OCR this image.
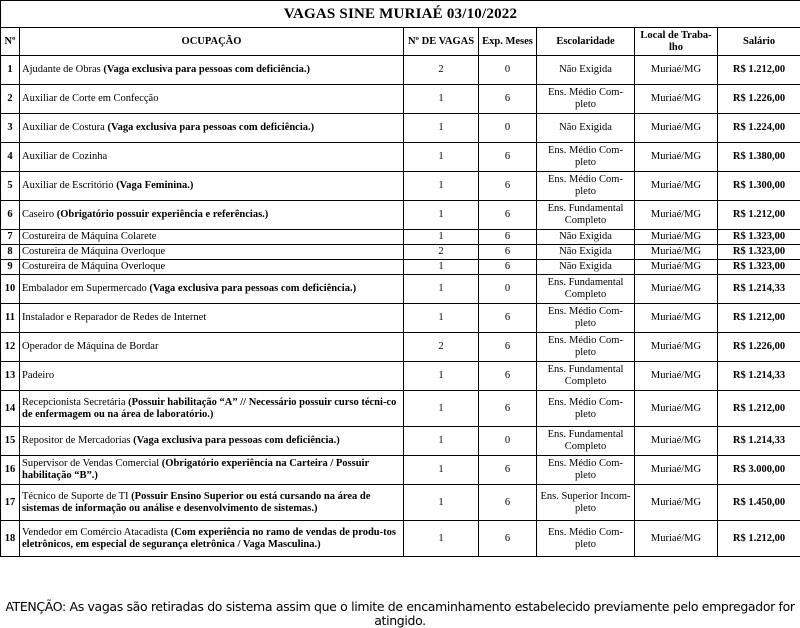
VAGAS SINE MURIAÉ 03/10/2022						
Nº	OCUPAÇÃO	Nº DE VAGAS	Exp. Meses	Escolaridade	Local de Traba-
lho	Salário
1	Ajudante de Obras (Vaga exclusiva para pessoas com deficiência.)	2	0	Não Exigida	Muriaé/MG	R$ 1.212,00
2	Auxiliar de Corte em Confecção	1	6	Ens. Médio Com-
pleto	Muriaé/MG	R$ 1.226,00
3	Auxiliar de Costura (Vaga exclusiva para pessoas com deficiência.)	1	0	Não Exigida	Muriaé/MG	R$ 1.224,00
4	Auxiliar de Cozinha	1	6	Ens. Médio Com-
pleto	Muriaé/MG	R$ 1.380,00
5	Auxiliar de Escritório (Vaga Feminina.)	1	6	Ens. Médio Com-
pleto	Muriaé/MG	R$ 1.300,00
6	Caseiro (Obrigatório possuir experiência e referências.)	1	6	Ens. Fundamental
Completo	Muriaé/MG	R$ 1.212,00
7	Costureira de Máquina Colarete	1	6	Não Exigida	Muriaé/MG	R$ 1.323,00
8	Costureira de Máquina Overloque	2	6	Não Exigida	Muriaé/MG	R$ 1.323,00
9	Costureira de Máquina Overloque	1	6	Não Exigida	Muriaé/MG	R$ 1.323,00
10	Embalador em Supermercado (Vaga exclusiva para pessoas com deficiência.)	1	0	Ens. Fundamental
Completo	Muriaé/MG	R$ 1.214,33
11	Instalador e Reparador de Redes de Internet	1	6	Ens. Médio Com-
pleto	Muriaé/MG	R$ 1.212,00
12	Operador de Máquina de Bordar	2	6	Ens. Médio Com-
pleto	Muriaé/MG	R$ 1.226,00
13	Padeiro	1	6	Ens. Fundamental
Completo	Muriaé/MG	R$ 1.214,33
14	Recepcionista Secretária (Possuir habilitação “A” // Necessário possuir curso técni-co de enfermagem ou na área de laboratório.)	1	6	Ens. Médio Com-
pleto	Muriaé/MG	R$ 1.212,00
15	Repositor de Mercadorias (Vaga exclusiva para pessoas com deficiência.)	1	0	Ens. Fundamental
Completo	Muriaé/MG	R$ 1.214,33
16	Supervisor de Vendas Comercial (Obrigatório experiência na Carteira / Possuir habilitação “B”.)	1	6	Ens. Médio Com-
pleto	Muriaé/MG	R$ 3.000,00
17	Técnico de Suporte de TI (Possuir Ensino Superior ou está cursando na área de sistemas de informação ou análise e desenvolvimento de sistemas.)	1	6	Ens. Superior Incom-
pleto	Muriaé/MG	R$ 1.450,00
18	Vendedor em Comércio Atacadista (Com experiência no ramo de vendas de produ-tos eletrônicos, em especial de segurança eletrônica / Vaga Masculina.)	1	6	Ens. Médio Com-
pleto	Muriaé/MG	R$ 1.212,00
ATENÇÃO: As vagas são retiradas do sistema assim que o limite de encaminhamento estabelecido previamente pelo empregador for atingido.
